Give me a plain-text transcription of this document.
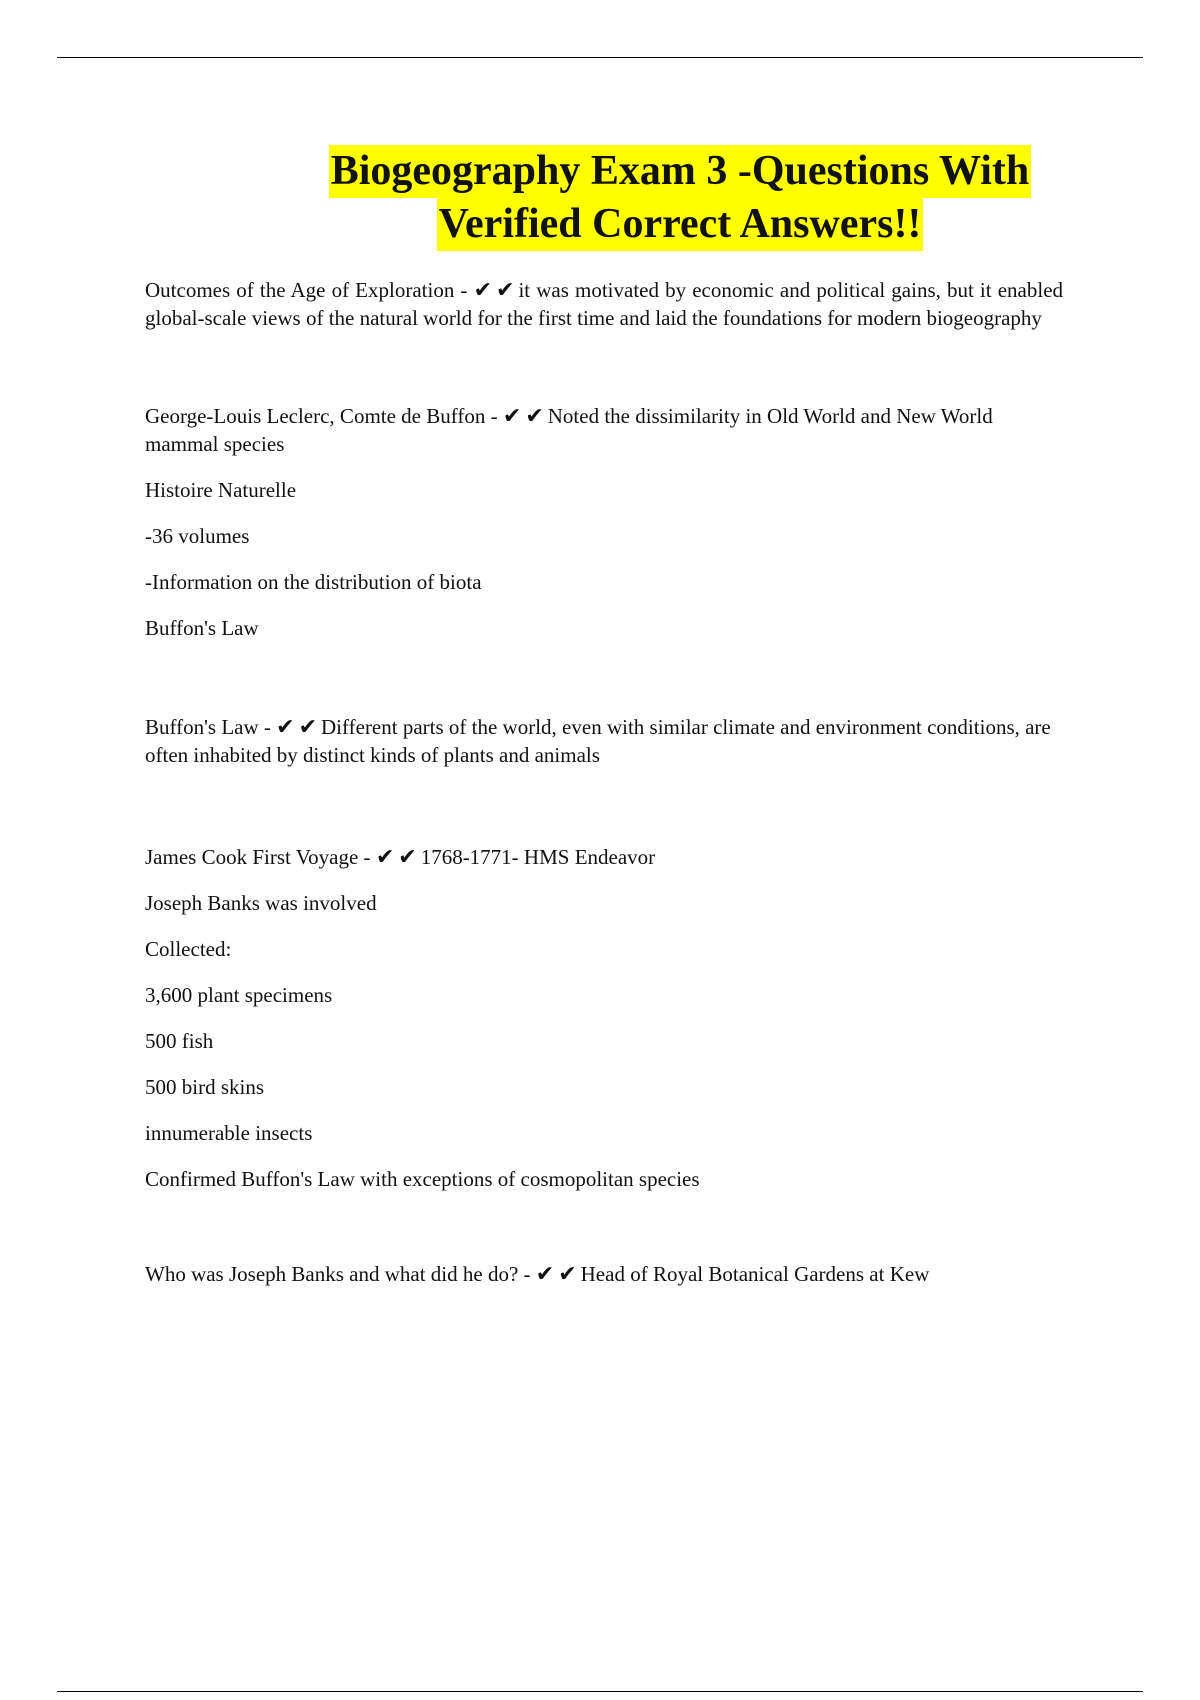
Biogeography Exam 3 -Questions With
Verified Correct Answers!!

Outcomes of the Age of Exploration - ✔ ✔ it was motivated by economic and political gains, but it enabled global-scale views of the natural world for the first time and laid the foundations for modern biogeography

George-Louis Leclerc, Comte de Buffon - ✔ ✔ Noted the dissimilarity in Old World and New World mammal species

Histoire Naturelle

-36 volumes

-Information on the distribution of biota

Buffon's Law

Buffon's Law - ✔ ✔ Different parts of the world, even with similar climate and environment conditions, are often inhabited by distinct kinds of plants and animals

James Cook First Voyage - ✔ ✔ 1768-1771- HMS Endeavor

Joseph Banks was involved

Collected:

3,600 plant specimens

500 fish

500 bird skins

innumerable insects

Confirmed Buffon's Law with exceptions of cosmopolitan species

Who was Joseph Banks and what did he do? - ✔ ✔ Head of Royal Botanical Gardens at Kew
